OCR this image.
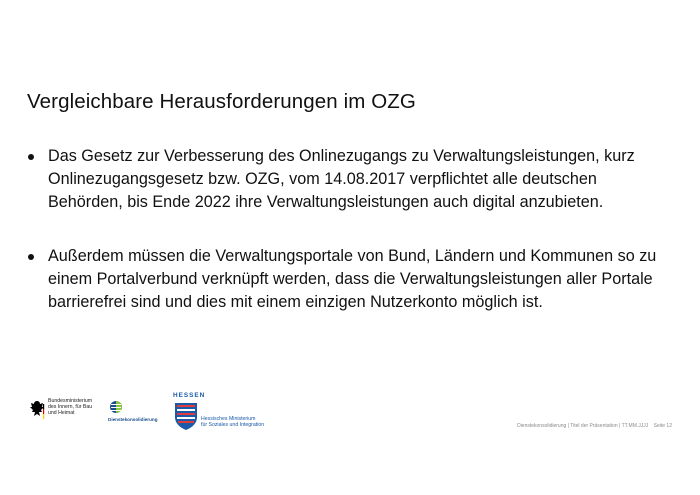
Vergleichbare Herausforderungen im OZG
Das Gesetz zur Verbesserung des Onlinezugangs zu Verwaltungsleistungen, kurz Onlinezugangsgesetz bzw. OZG, vom 14.08.2017 verpflichtet alle deutschen Behörden, bis Ende 2022 ihre Verwaltungsleistungen auch digital anzubieten.
Außerdem müssen die Verwaltungsportale von Bund, Ländern und Kommunen so zu einem Portalverbund verknüpft werden, dass die Verwaltungsleistungen aller Portale barrierefrei sind und dies mit einem einzigen Nutzerkonto möglich ist.
Bundesministerium
des Innern, für Bau
und Heimat
Dienstekonsolidierung
HESSEN
Hessisches Ministerium
für Soziales und Integration	Dienstekonsolidierung | Titel der Präsentation | TT.MM.JJJJ Seite 12
